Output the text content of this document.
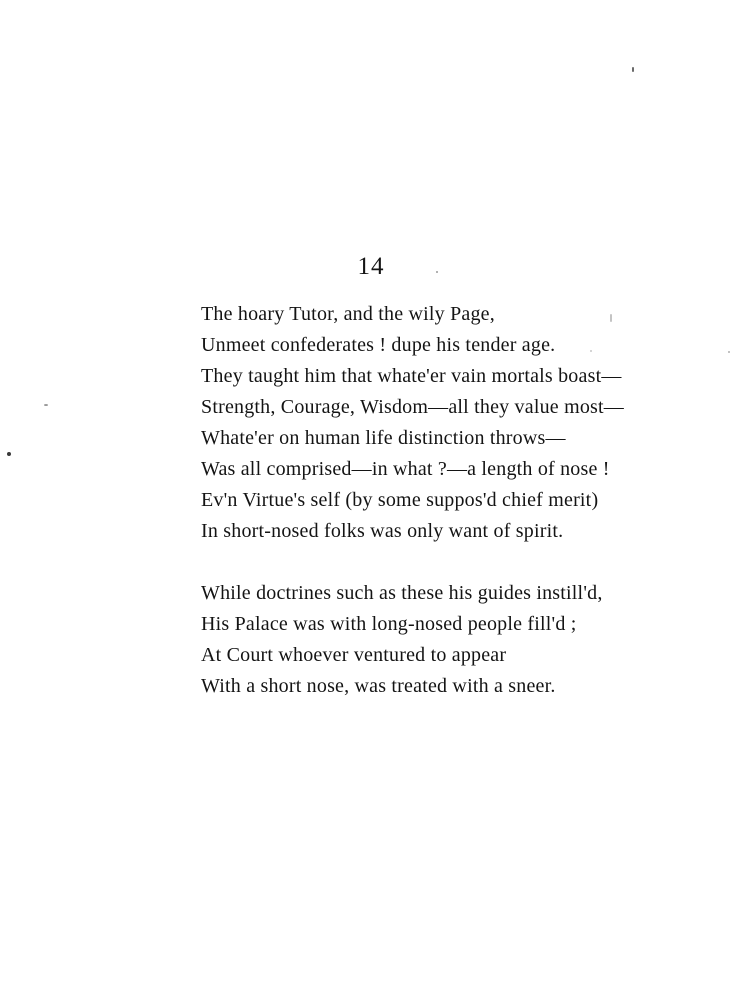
14
The hoary Tutor, and the wily Page,
Unmeet confederates ! dupe his tender age.
They taught him that whate'er vain mortals boast—
Strength, Courage, Wisdom—all they value most—
Whate'er on human life distinction throws—
Was all comprised—in what ?—a length of nose !
Ev'n Virtue's self (by some suppos'd chief merit)
In short-nosed folks was only want of spirit.
While doctrines such as these his guides instill'd,
His Palace was with long-nosed people fill'd ;
At Court whoever ventured to appear
With a short nose, was treated with a sneer.
